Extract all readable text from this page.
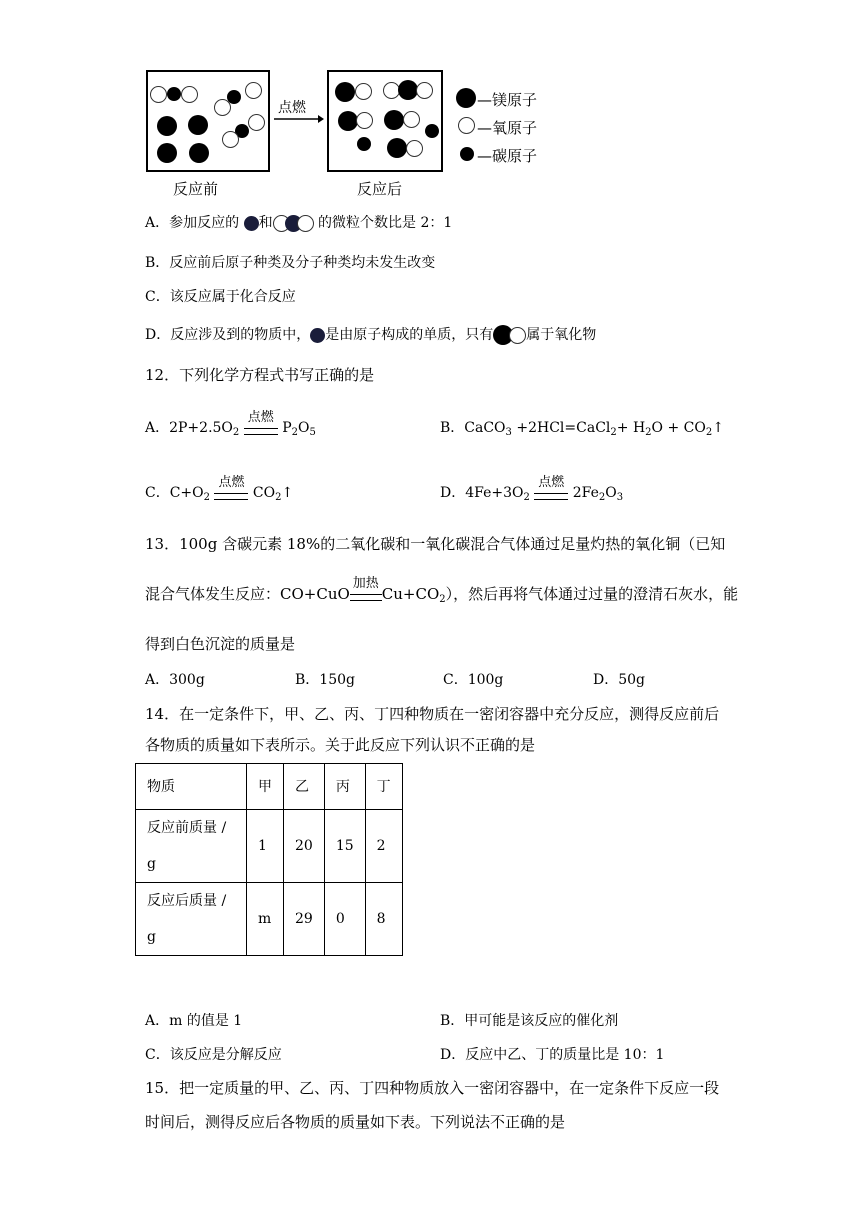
点燃	—镁原子
—氧原子
—碳原子
反应前	反应后
A．参加反应的 和	的微粒个数比是 2：1
B．反应前后原子种类及分子种类均未发生改变
C．该反应属于化合反应
D．反应涉及到的物质中， 是由原子构成的单质，只有 属于氧化物
12．下列化学方程式书写正确的是
A．$2P+2.5O_2$
点燃
$P_2O_5$	B．CaCO$_3$ +2HCl=CaCl$_2$+ $H_2O$ + $CO_2↑$
C．$C+O_2$
点燃
$CO_2↑$	D．$4Fe+3O_2$
点燃
$2Fe_2O_3$
13．100g 含碳元素 18%的二氧化碳和一氧化碳混合气体通过足量灼热的氧化铜（已知
混合气体发生反应：CO+CuO
加热
$Cu+CO_2$），然后再将气体通过过量的澄清石灰水，能
得到白色沉淀的质量是
A．300g	B．150g	C．100g	D．50g
14．在一定条件下，甲、乙、丙、丁四种物质在一密闭容器中充分反应，测得反应前后
各物质的质量如下表所示。关于此反应下列认识不正确的是
物质	甲	乙	丙	丁
反应前质量 / g	1	20	15	2
反应后质量 / g	m	29	0	8
A．m 的值是 1	B．甲可能是该反应的催化剂
C．该反应是分解反应	D．反应中乙、丁的质量比是 10：1
15．把一定质量的甲、乙、丙、丁四种物质放入一密闭容器中，在一定条件下反应一段
时间后，测得反应后各物质的质量如下表。下列说法不正确的是
